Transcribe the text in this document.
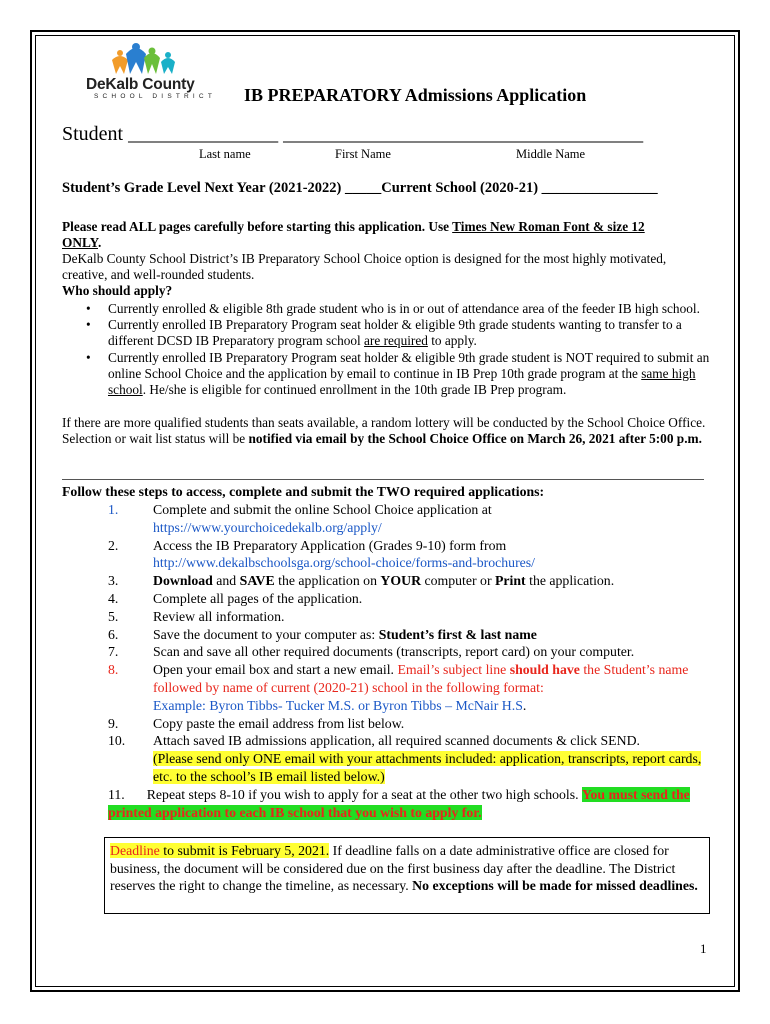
DeKalb County
SCHOOL DISTRICT IB PREPARATORY Admissions Application
Student _______________ ____________________________________
Last name	First Name	Middle Name
Student’s Grade Level Next Year (2021-2022) _____Current School (2020-21) ________________
Please read ALL pages carefully before starting this application. Use Times New Roman Font & size 12
ONLY.
DeKalb County School District’s IB Preparatory School Choice option is designed for the most highly motivated, creative, and well-rounded students.
Who should apply?
• Currently enrolled & eligible 8th grade student who is in or out of attendance area of the feeder IB high school.
• Currently enrolled IB Preparatory Program seat holder & eligible 9th grade students wanting to transfer to a different DCSD IB Preparatory program school are required to apply.
• Currently enrolled IB Preparatory Program seat holder & eligible 9th grade student is NOT required to submit an online School Choice and the application by email to continue in IB Prep 10th grade program at the same high school. He/she is eligible for continued enrollment in the 10th grade IB Prep program.
If there are more qualified students than seats available, a random lottery will be conducted by the School Choice Office. Selection or wait list status will be notified via email by the School Choice Office on March 26, 2021 after 5:00 p.m.
Follow these steps to access, complete and submit the TWO required applications:
1.	Complete and submit the online School Choice application at
https://www.yourchoicedekalb.org/apply/
2.	Access the IB Preparatory Application (Grades 9-10) form from
http://www.dekalbschoolsga.org/school-choice/forms-and-brochures/
3.	Download and SAVE the application on YOUR computer or Print the application.
4.	Complete all pages of the application.
5.	Review all information.
6.	Save the document to your computer as: Student’s first & last name
7.	Scan and save all other required documents (transcripts, report card) on your computer.
8.	Open your email box and start a new email. Email’s subject line should have the Student’s name followed by name of current (2020-21) school in the following format:
Example: Byron Tibbs- Tucker M.S. or Byron Tibbs – McNair H.S.
9.	Copy paste the email address from list below.
10. Attach saved IB admissions application, all required scanned documents & click SEND.
(Please send only ONE email with your attachments included: application, transcripts, report cards, etc. to the school’s IB email listed below.)
11. Repeat steps 8-10 if you wish to apply for a seat at the other two high schools. You must send the printed application to each IB school that you wish to apply for.
Deadline to submit is February 5, 2021. If deadline falls on a date administrative office are closed for business, the document will be considered due on the first business day after the deadline. The District reserves the right to change the timeline, as necessary. No exceptions will be made for missed deadlines.
1
